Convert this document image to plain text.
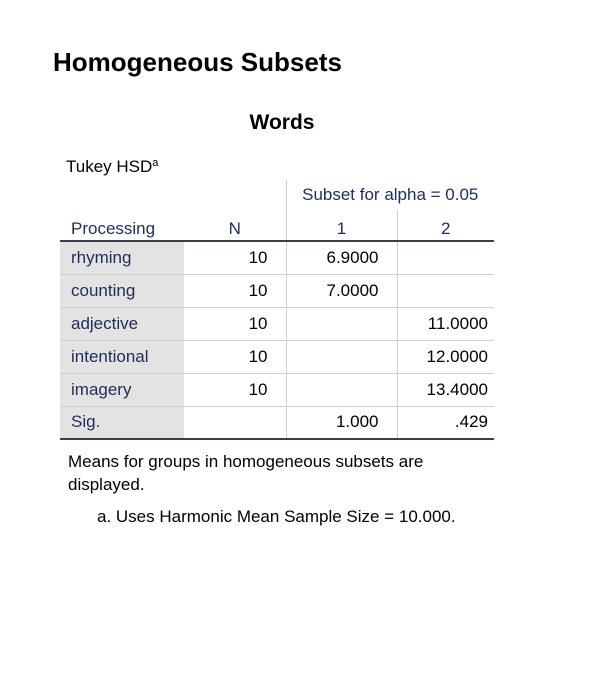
Homogeneous Subsets
Words
Tukey HSD$^a$
		Subset for alpha = 0.05	
Processing	N	1	2
rhyming	10	6.9000	
counting	10	7.0000	
adjective	10		11.0000
intentional	10		12.0000
imagery	10		13.4000
Sig.		1.000	.429
Means for groups in homogeneous subsets are displayed.
a. Uses Harmonic Mean Sample Size = 10.000.
